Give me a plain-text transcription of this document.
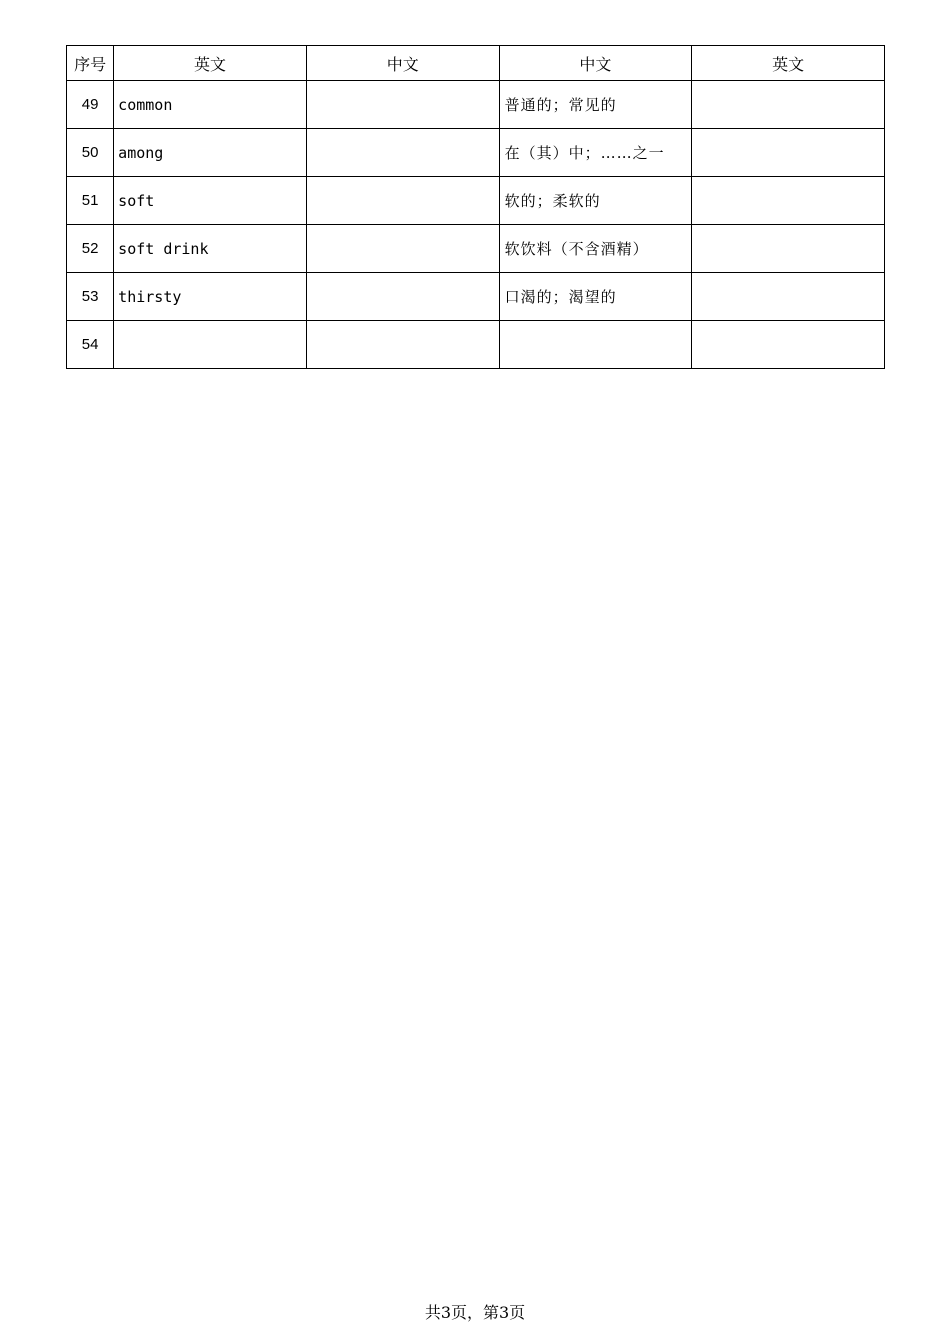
序号	英文	中文	中文	英文
49	common		普通的；常见的	
50	among		在（其）中；……之一	
51	soft		软的；柔软的	
52	soft drink		软饮料（不含酒精）	
53	thirsty		口渴的；渴望的	
54				
共3页，第3页
